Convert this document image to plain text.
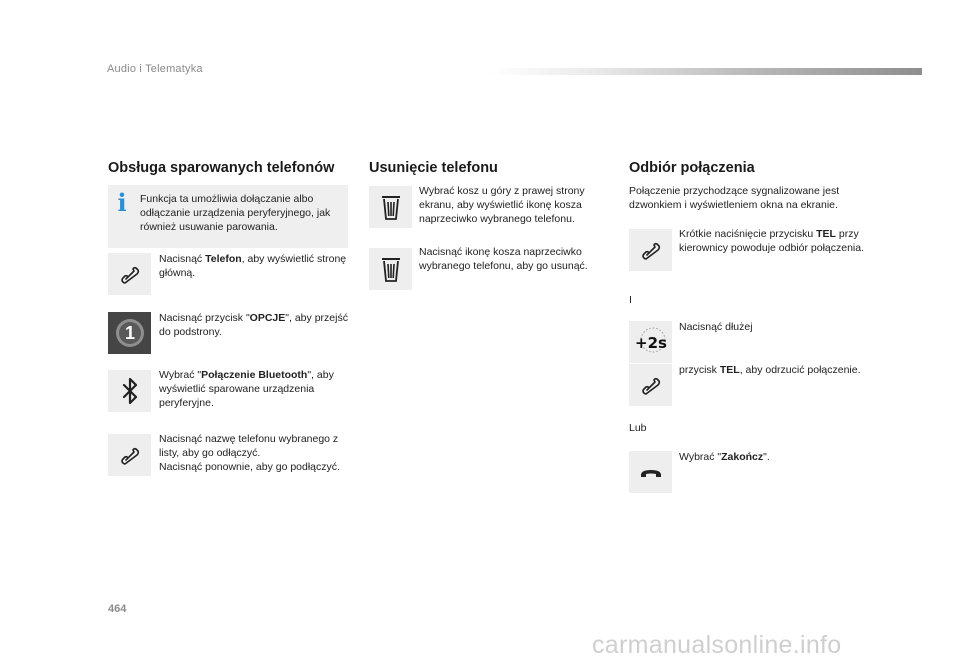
Audio i Telematyka
Obsługa sparowanych telefonów
i	Funkcja ta umożliwia dołączanie albo odłączanie urządzenia peryferyjnego, jak również usuwanie parowania.
Nacisnąć Telefon, aby wyświetlić stronę główną.
1
Nacisnąć przycisk "OPCJE", aby przejść do podstrony.
Wybrać "Połączenie Bluetooth", aby wyświetlić sparowane urządzenia peryferyjne.
Nacisnąć nazwę telefonu wybranego z listy, aby go odłączyć.
Nacisnąć ponownie, aby go podłączyć.
Usunięcie telefonu
Wybrać kosz u góry z prawej strony ekranu, aby wyświetlić ikonę kosza naprzeciwko wybranego telefonu.
Nacisnąć ikonę kosza naprzeciwko wybranego telefonu, aby go usunąć.
Odbiór połączenia
Połączenie przychodzące sygnalizowane jest dzwonkiem i wyświetleniem okna na ekranie.
Krótkie naciśnięcie przycisku TEL przy kierownicy powoduje odbiór połączenia.
I
+2s
Nacisnąć dłużej
przycisk TEL, aby odrzucić połączenie.
Lub
Wybrać "Zakończ".
464
carmanualsonline.info
